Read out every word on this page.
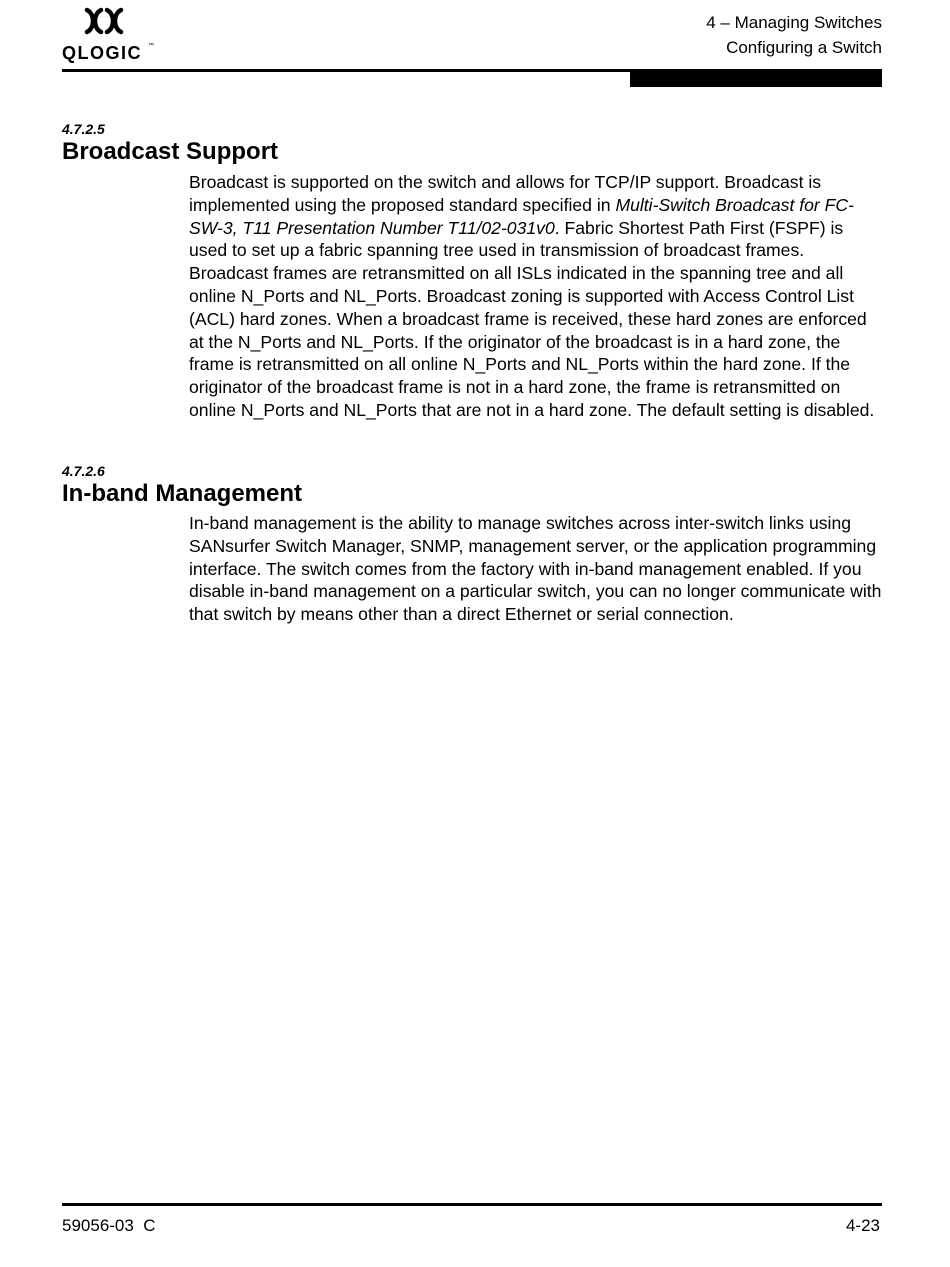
QLOGIC ™
4 – Managing Switches
Configuring a Switch
4.7.2.5
Broadcast Support

Broadcast is supported on the switch and allows for TCP/IP support. Broadcast is implemented using the proposed standard specified in Multi-Switch Broadcast for FC-SW-3, T11 Presentation Number T11/02-031v0. Fabric Shortest Path First (FSPF) is used to set up a fabric spanning tree used in transmission of broadcast frames. Broadcast frames are retransmitted on all ISLs indicated in the spanning tree and all online N_Ports and NL_Ports. Broadcast zoning is supported with Access Control List (ACL) hard zones. When a broadcast frame is received, these hard zones are enforced at the N_Ports and NL_Ports. If the originator of the broadcast is in a hard zone, the frame is retransmitted on all online N_Ports and NL_Ports within the hard zone. If the originator of the broadcast frame is not in a hard zone, the frame is retransmitted on online N_Ports and NL_Ports that are not in a hard zone. The default setting is disabled.

4.7.2.6
In-band Management

In-band management is the ability to manage switches across inter-switch links using SANsurfer Switch Manager, SNMP, management server, or the application programming interface. The switch comes from the factory with in-band management enabled. If you disable in-band management on a particular switch, you can no longer communicate with that switch by means other than a direct Ethernet or serial connection.

59056-03  C	4-23
